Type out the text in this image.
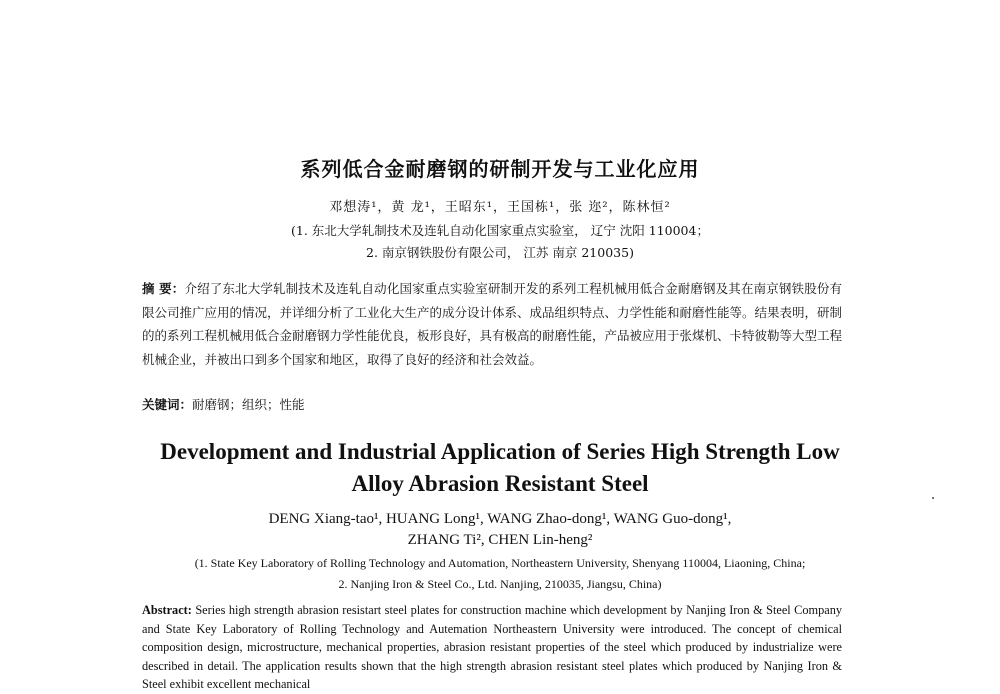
系列低合金耐磨钢的研制开发与工业化应用
邓想涛¹，黄 龙¹，王昭东¹，王国栋¹，张 迩²，陈林恒²
(1. 东北大学轧制技术及连轧自动化国家重点实验室， 辽宁 沈阳 110004；
2. 南京钢铁股份有限公司， 江苏 南京 210035)
摘 要：介绍了东北大学轧制技术及连轧自动化国家重点实验室研制开发的系列工程机械用低合金耐磨钢及其在南京钢铁股份有限公司推广应用的情况，并详细分析了工业化大生产的成分设计体系、成品组织特点、力学性能和耐磨性能等。结果表明，研制的的系列工程机械用低合金耐磨钢力学性能优良，板形良好，具有极高的耐磨性能，产品被应用于张煤机、卡特彼勒等大型工程机械企业，并被出口到多个国家和地区，取得了良好的经济和社会效益。
关键词：耐磨钢；组织；性能
Development and Industrial Application of Series High Strength Low
Alloy Abrasion Resistant Steel
DENG Xiang-tao¹, HUANG Long¹, WANG Zhao-dong¹, WANG Guo-dong¹,
ZHANG Ti², CHEN Lin-heng²
(1. State Key Laboratory of Rolling Technology and Automation, Northeastern University, Shenyang 110004, Liaoning, China;
2. Nanjing Iron & Steel Co., Ltd. Nanjing, 210035, Jiangsu, China)
Abstract: Series high strength abrasion resistart steel plates for construction machine which development by Nanjing Iron & Steel Company and State Key Laboratory of Rolling Technology and Autemation Northeastern University were introduced. The concept of chemical composition design, microstructure, mechanical properties, abrasion resistant properties of the steel which produced by industrialize were described in detail. The application results shown that the high strength abrasion resistant steel plates which produced by Nanjing Iron & Steel exhibit excellent mechanical
